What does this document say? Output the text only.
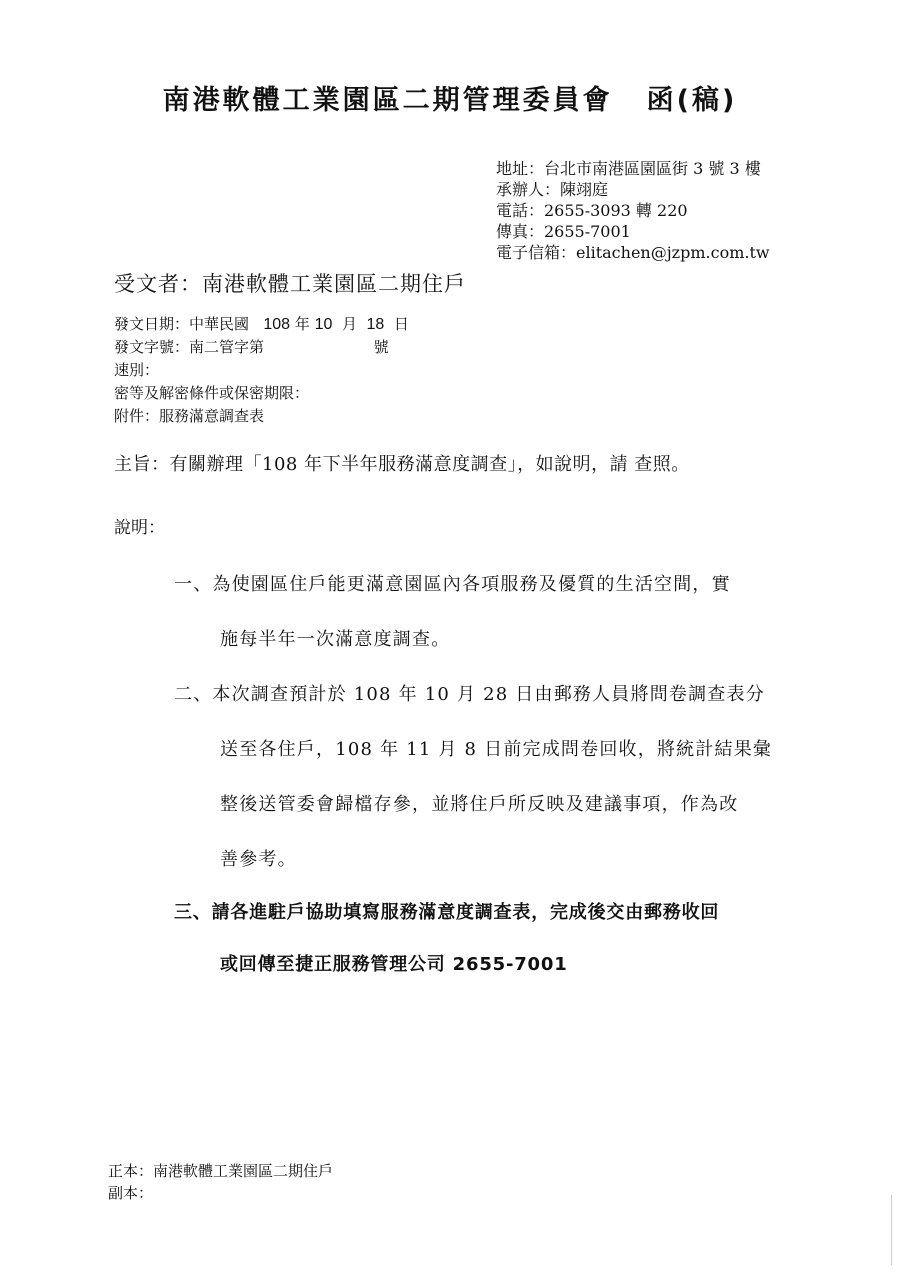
南港軟體工業園區二期管理委員會 函(稿)
地址：台北市南港區園區街 3 號 3 樓
承辦人：陳翊庭
電話：2655-3093 轉 220
傳真：2655-7001
電子信箱：elitachen@jzpm.com.tw
受文者：南港軟體工業園區二期住戶
發文日期：中華民國 108 年 10 月 18 日
發文字號：南二管字第	號
速別：
密等及解密條件或保密期限：
附件：服務滿意調查表
主旨：有關辦理「108 年下半年服務滿意度調查」，如說明，請 查照。
說明：
一、為使園區住戶能更滿意園區內各項服務及優質的生活空間，實
施每半年一次滿意度調查。
二、本次調查預計於 108 年 10 月 28 日由郵務人員將問卷調查表分
送至各住戶，108 年 11 月 8 日前完成問卷回收，將統計結果彙
整後送管委會歸檔存參，並將住戶所反映及建議事項，作為改
善參考。
三、請各進駐戶協助填寫服務滿意度調查表，完成後交由郵務收回
或回傳至捷正服務管理公司 2655-7001
正本：南港軟體工業園區二期住戶
副本：
